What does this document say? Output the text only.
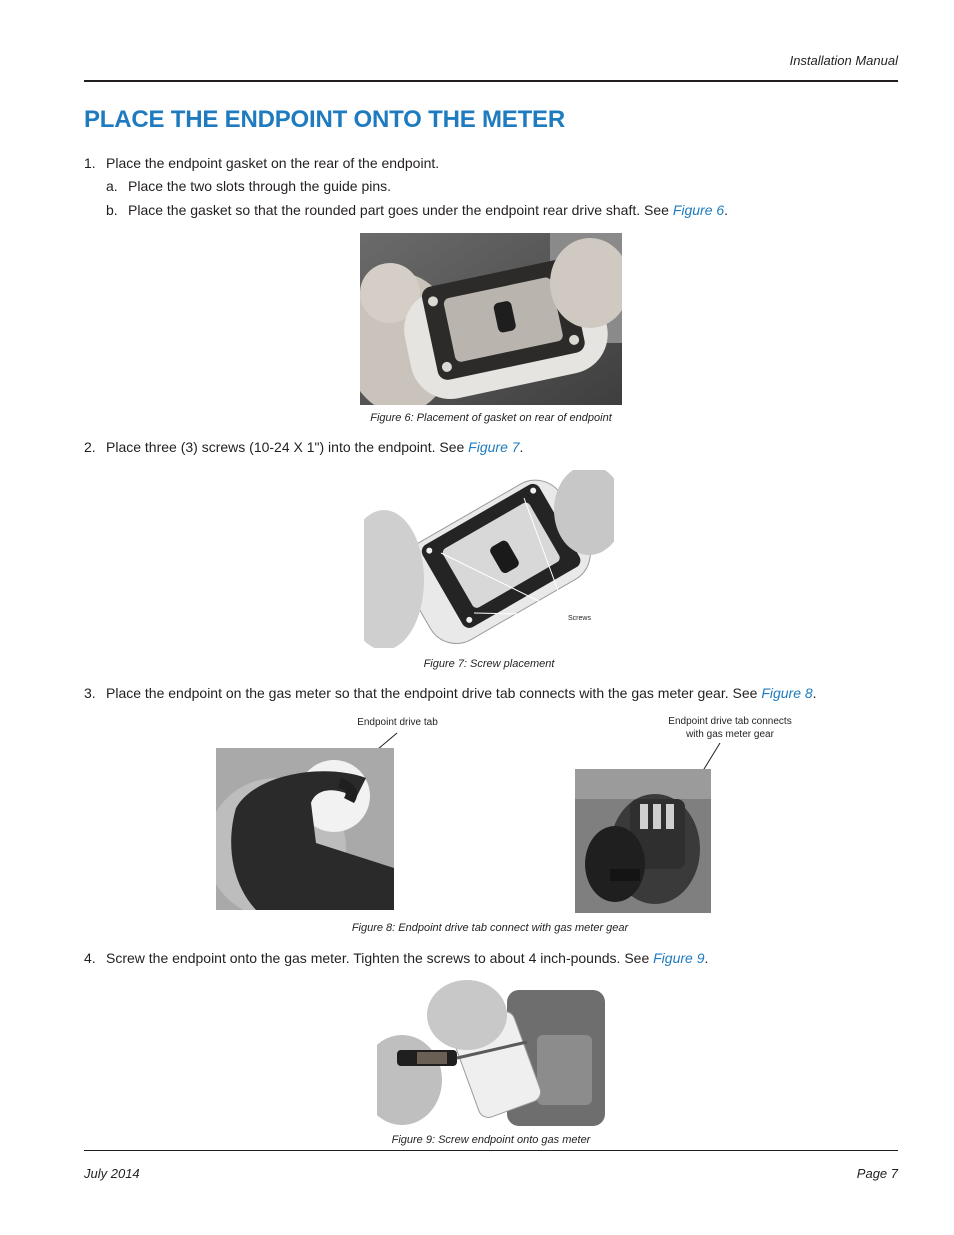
Installation Manual
PLACE THE ENDPOINT ONTO THE METER
1. Place the endpoint gasket on the rear of the endpoint.
a. Place the two slots through the guide pins.
b. Place the gasket so that the rounded part goes under the endpoint rear drive shaft. See Figure 6.
Figure 6: Placement of gasket on rear of endpoint
2. Place three (3) screws (10-24 X 1") into the endpoint. See Figure 7.
Screws
Figure 7: Screw placement
3. Place the endpoint on the gas meter so that the endpoint drive tab connects with the gas meter gear. See Figure 8.
Endpoint drive tab	Endpoint drive tab connects
with gas meter gear
Figure 8: Endpoint drive tab connect with gas meter gear
4. Screw the endpoint onto the gas meter. Tighten the screws to about 4 inch-pounds. See Figure 9.
Figure 9: Screw endpoint onto gas meter
July 2014	Page 7
